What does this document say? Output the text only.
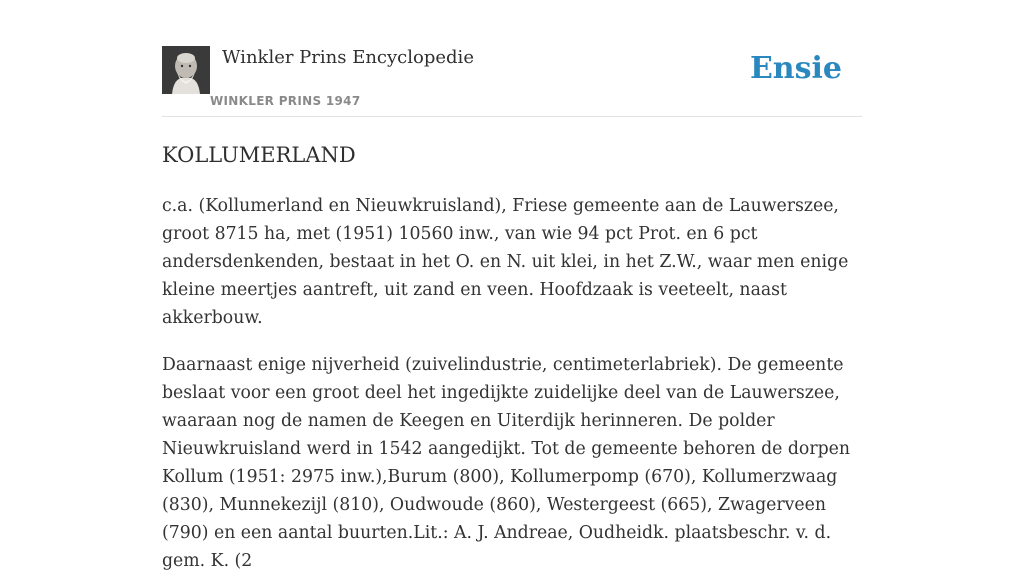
Winkler Prins Encyclopedie
WINKLER PRINS 1947
Ensie
KOLLUMERLAND

c.a. (Kollumerland en Nieuwkruisland), Friese gemeente aan de Lauwerszee, groot 8715 ha, met (1951) 10560 inw., van wie 94 pct Prot. en 6 pct andersdenkenden, bestaat in het O. en N. uit klei, in het Z.W., waar men enige kleine meertjes aantreft, uit zand en veen. Hoofdzaak is veeteelt, naast akkerbouw.

Daarnaast enige nijverheid (zuivelindustrie, centimeterlabriek). De gemeente beslaat voor een groot deel het ingedijkte zuidelijke deel van de Lauwerszee, waaraan nog de namen de Keegen en Uiterdijk herinneren. De polder Nieuwkruisland werd in 1542 aangedijkt. Tot de gemeente behoren de dorpen Kollum (1951: 2975 inw.),Burum (800), Kollumerpomp (670), Kollumerzwaag (830), Munnekezijl (810), Oudwoude (860), Westergeest (665), Zwagerveen (790) en een aantal buurten.Lit.: A. J. Andreae, Oudheidk. plaatsbeschr. v. d. gem. K. (2
